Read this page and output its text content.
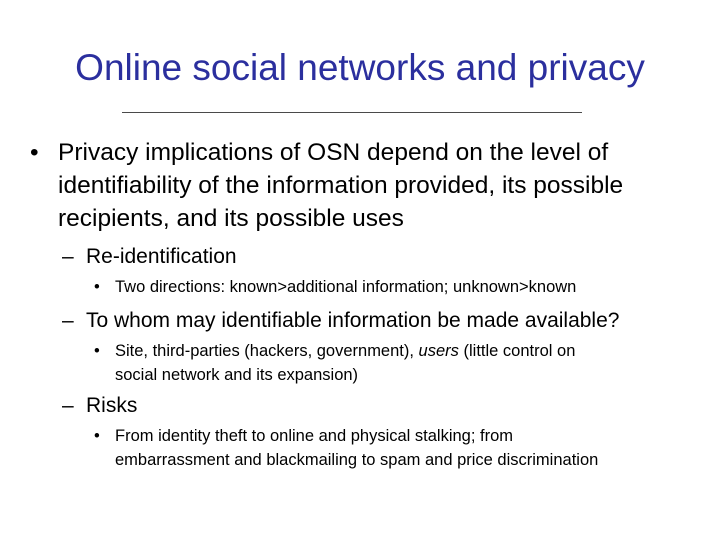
Online social networks and privacy
• Privacy implications of OSN depend on the level of
identifiability of the information provided, its possible
recipients, and its possible uses
– Re-identification
• Two directions: known>additional information; unknown>known
– To whom may identifiable information be made available?
• Site, third-parties (hackers, government), users (little control on
social network and its expansion)
– Risks
• From identity theft to online and physical stalking; from
embarrassment and blackmailing to spam and price discrimination
